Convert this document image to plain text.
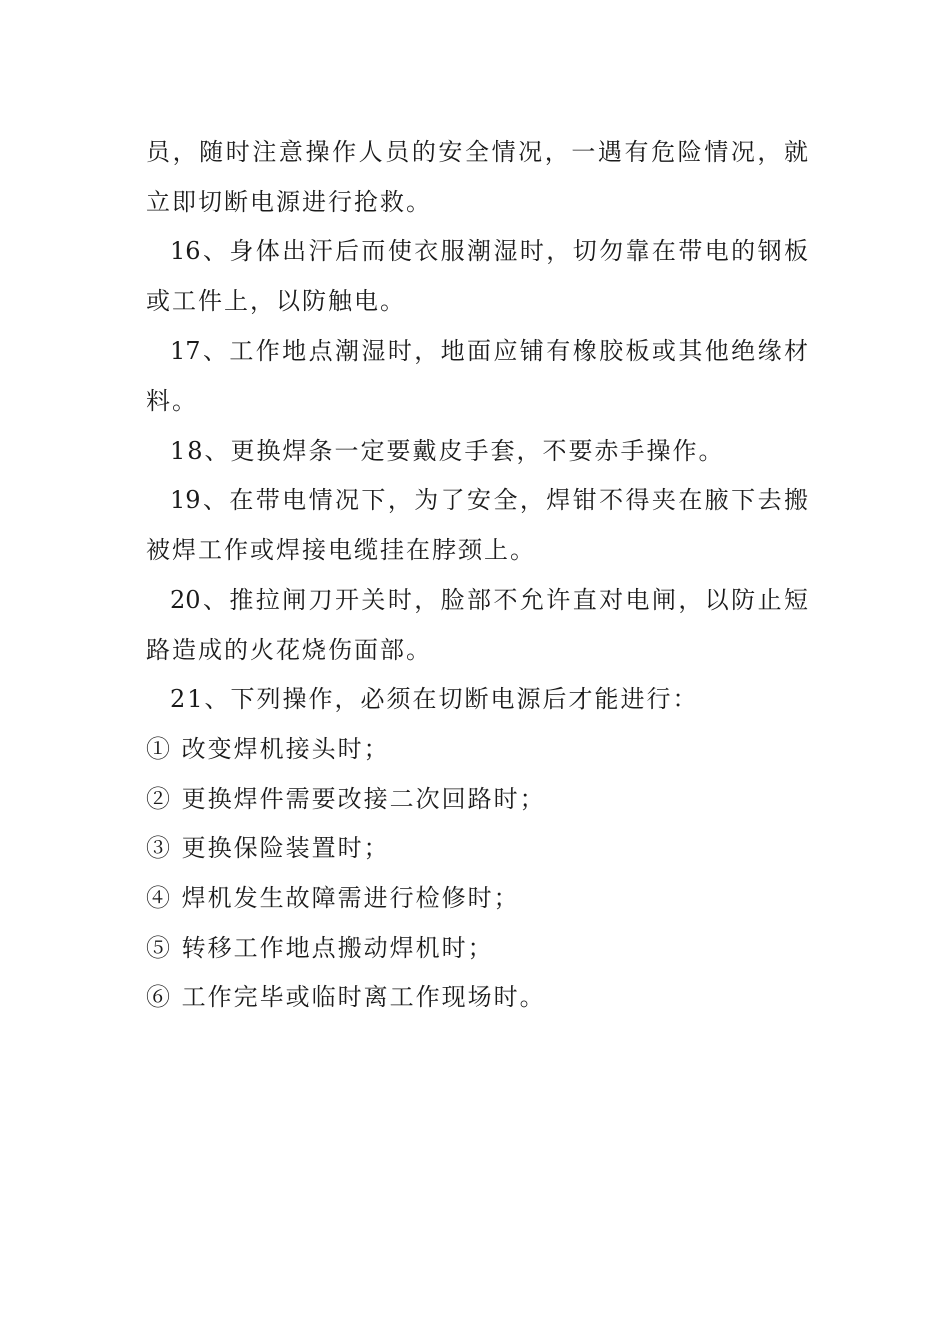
员，随时注意操作人员的安全情况，一遇有危险情况，就
立即切断电源进行抢救。
16、身体出汗后而使衣服潮湿时，切勿靠在带电的钢板
或工件上，以防触电。
17、工作地点潮湿时，地面应铺有橡胶板或其他绝缘材
料。
18、更换焊条一定要戴皮手套，不要赤手操作。
19、在带电情况下，为了安全，焊钳不得夹在腋下去搬
被焊工作或焊接电缆挂在脖颈上。
20、推拉闸刀开关时，脸部不允许直对电闸，以防止短
路造成的火花烧伤面部。
21、下列操作，必须在切断电源后才能进行：
① 改变焊机接头时；
② 更换焊件需要改接二次回路时；
③ 更换保险装置时；
④ 焊机发生故障需进行检修时；
⑤ 转移工作地点搬动焊机时；
⑥ 工作完毕或临时离工作现场时。
